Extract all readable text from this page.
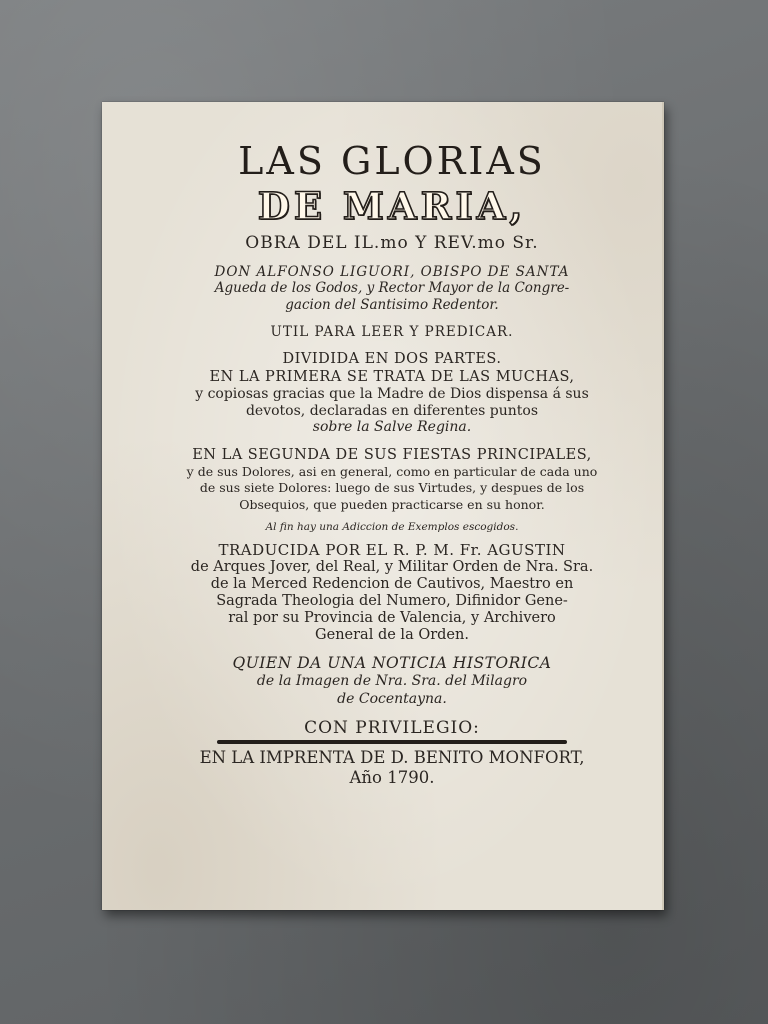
LAS GLORIAS
DE MARIA,
OBRA DEL IL.mo Y REV.mo Sr.
DON ALFONSO LIGUORI, OBISPO DE SANTA
Agueda de los Godos, y Rector Mayor de la Congre-
gacion del Santisimo Redentor.
UTIL PARA LEER Y PREDICAR.
DIVIDIDA EN DOS PARTES.
EN LA PRIMERA SE TRATA DE LAS MUCHAS,
y copiosas gracias que la Madre de Dios dispensa á sus
devotos, declaradas en diferentes puntos
sobre la Salve Regina.
EN LA SEGUNDA DE SUS FIESTAS PRINCIPALES,
y de sus Dolores, asi en general, como en particular de cada uno
de sus siete Dolores: luego de sus Virtudes, y despues de los
Obsequios, que pueden practicarse en su honor.
Al fin hay una Adiccion de Exemplos escogidos.
TRADUCIDA POR EL R. P. M. Fr. AGUSTIN
de Arques Jover, del Real, y Militar Orden de Nra. Sra.
de la Merced Redencion de Cautivos, Maestro en
Sagrada Theologia del Numero, Difinidor Gene-
ral por su Provincia de Valencia, y Archivero
General de la Orden.
QUIEN DA UNA NOTICIA HISTORICA
de la Imagen de Nra. Sra. del Milagro
de Cocentayna.
CON PRIVILEGIO:
EN LA IMPRENTA DE D. BENITO MONFORT,
Año 1790.
